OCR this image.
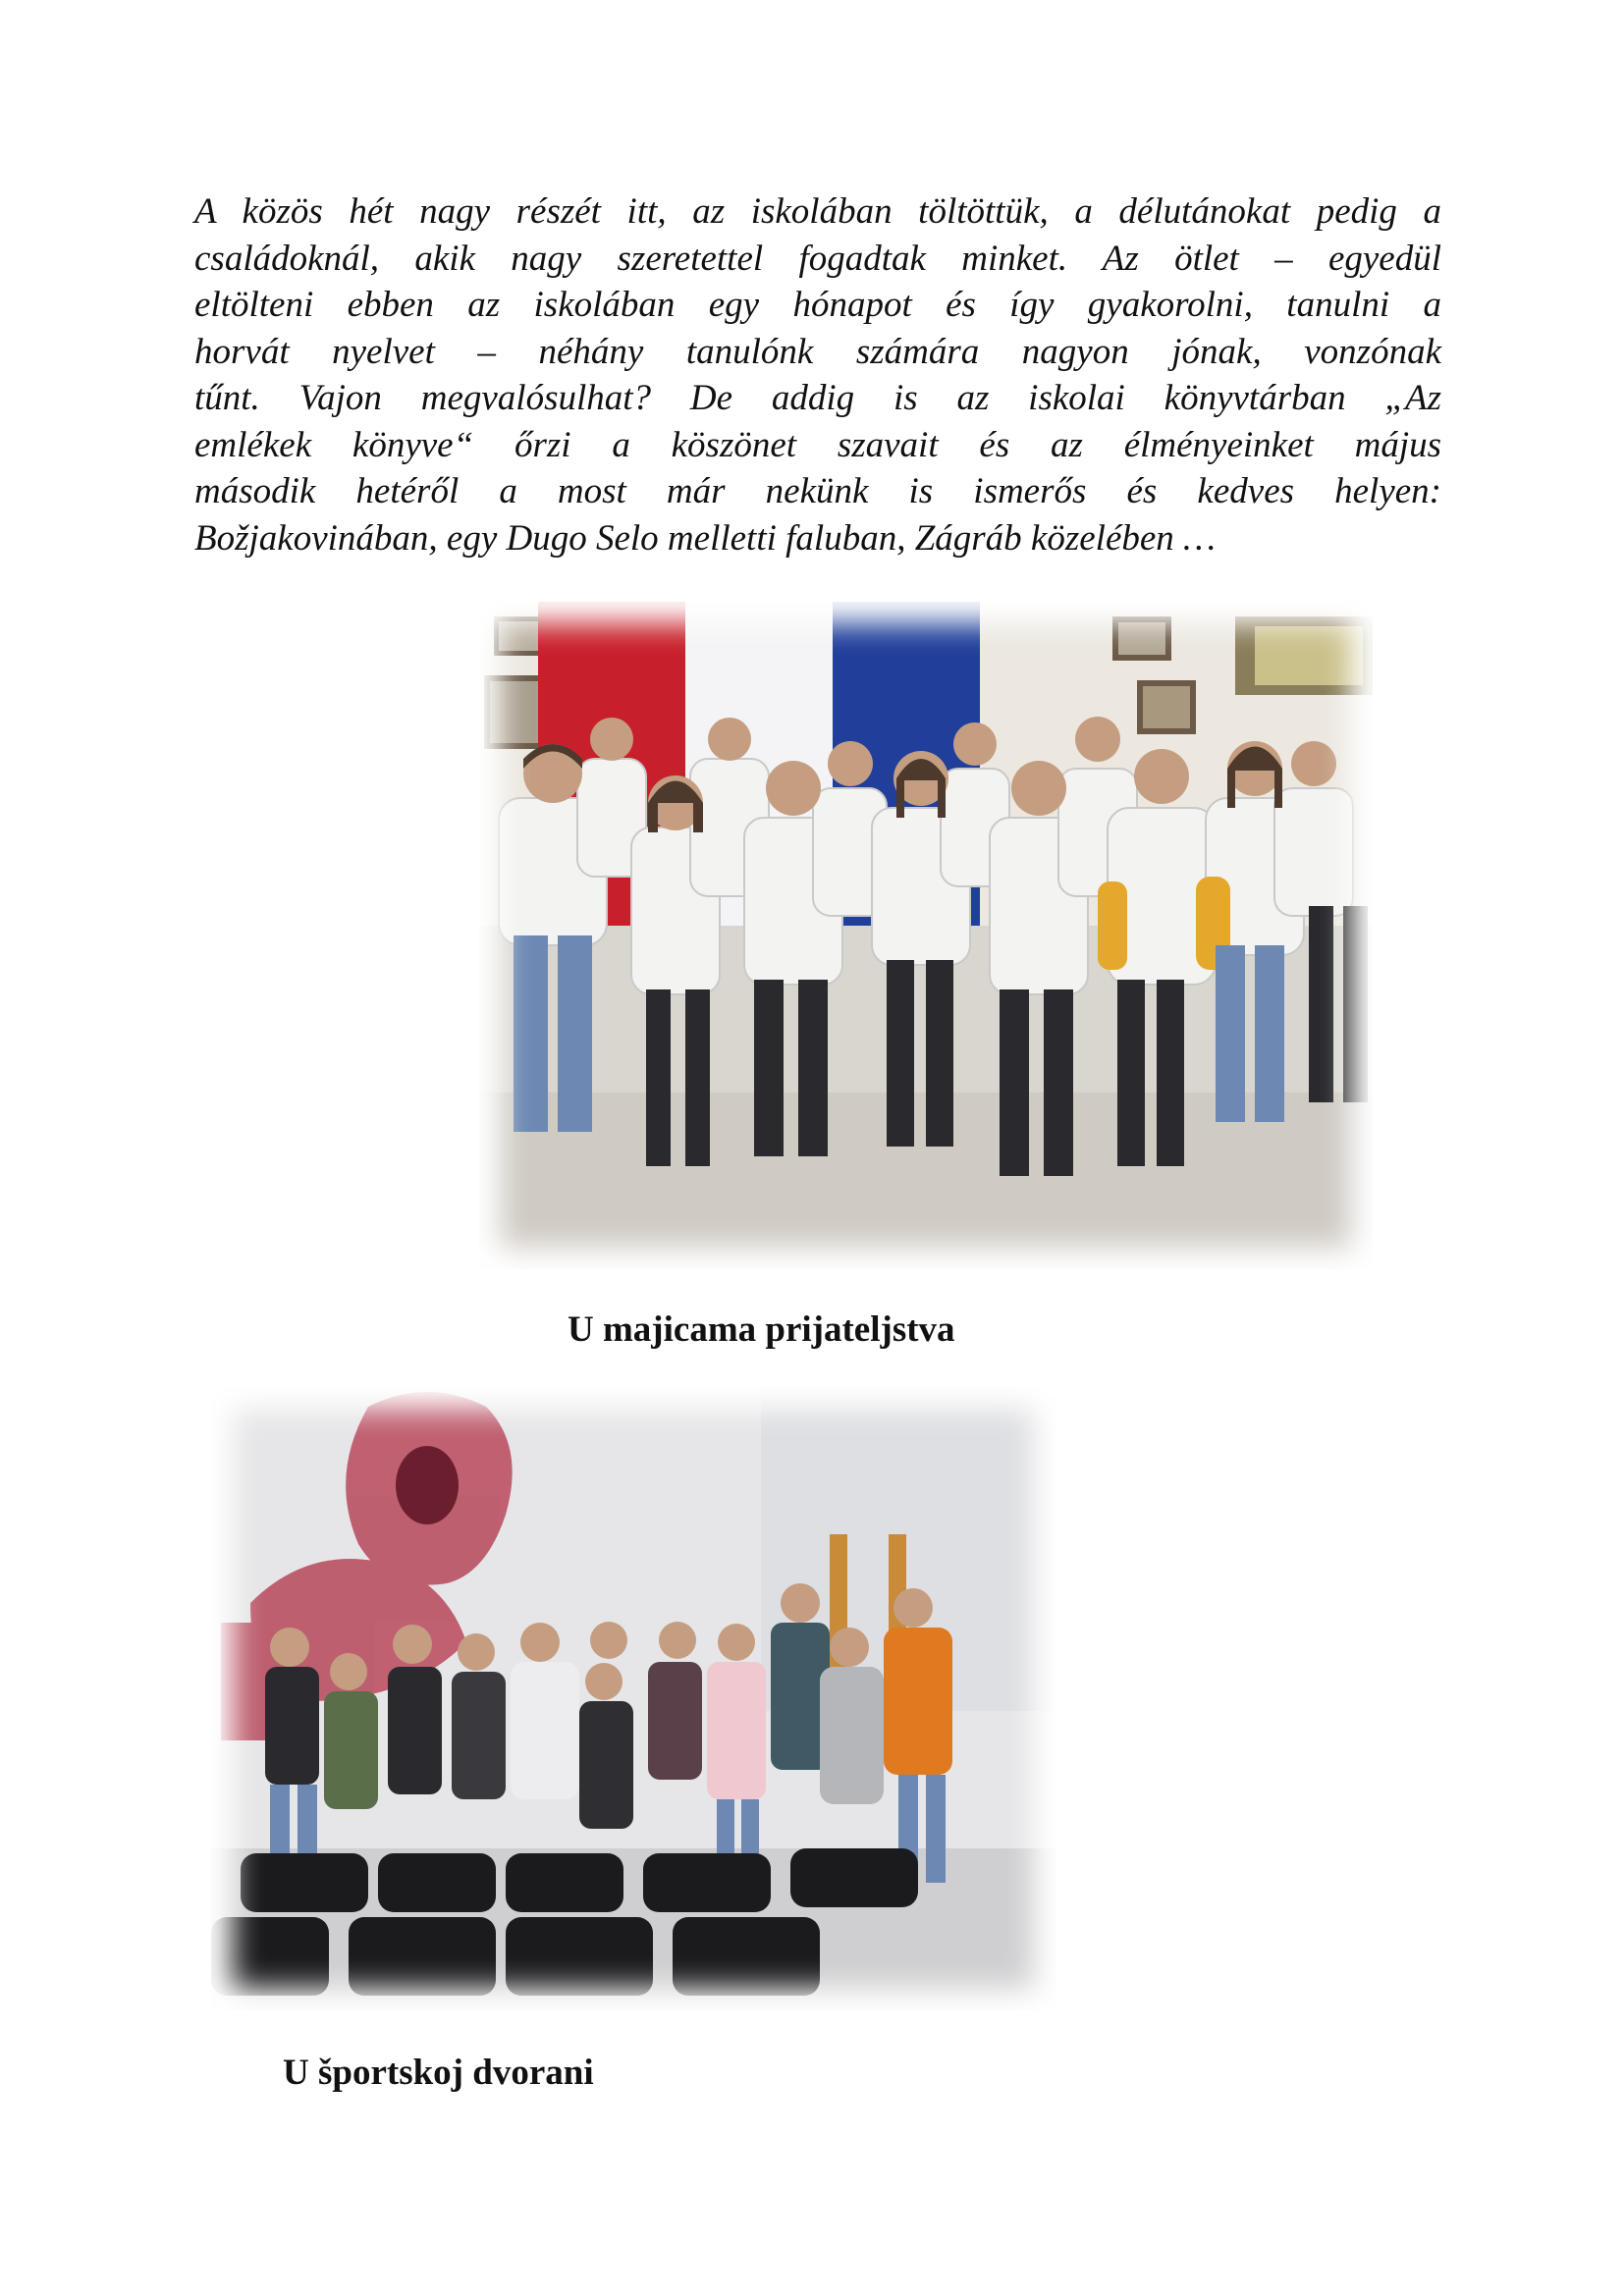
A közös hét nagy részét itt, az iskolában töltöttük, a délutánokat pedig a
családoknál, akik nagy szeretettel fogadtak minket. Az ötlet – egyedül
eltölteni ebben az iskolában egy hónapot és így gyakorolni, tanulni a
horvát nyelvet – néhány tanulónk számára nagyon jónak, vonzónak
tűnt. Vajon megvalósulhat? De addig is az iskolai könyvtárban „Az
emlékek könyve“ őrzi a köszönet szavait és az élményeinket május
második hetéről a most már nekünk is ismerős és kedves helyen:
Božjakovinában, egy Dugo Selo melletti faluban, Zágráb közelében …
U majicama prijateljstva
U športskoj dvorani
